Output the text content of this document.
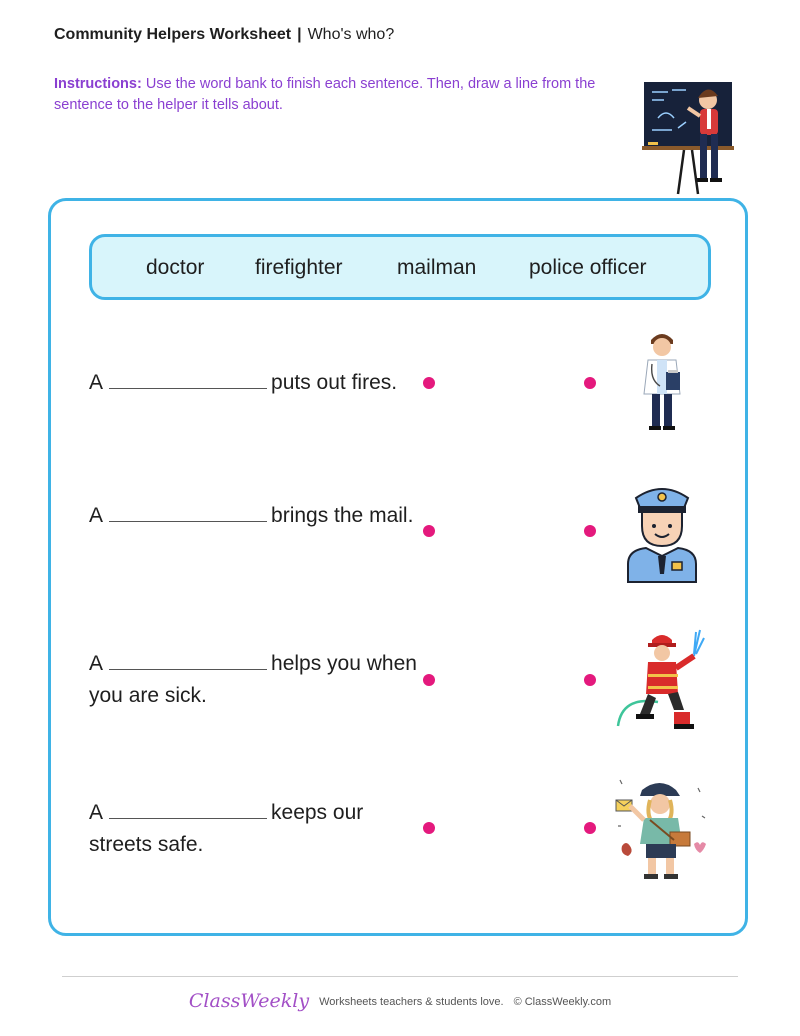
Community Helpers Worksheet | Who's who?
Instructions: Use the word bank to finish each sentence. Then, draw a line from the sentence to the helper it tells about.
doctor firefighter	mailman	police officer
A	puts out fires.
A	brings the mail.
A	helps you when you are sick.
A	keeps our streets safe.
ClassWeekly Worksheets teachers & students love. © ClassWeekly.com
